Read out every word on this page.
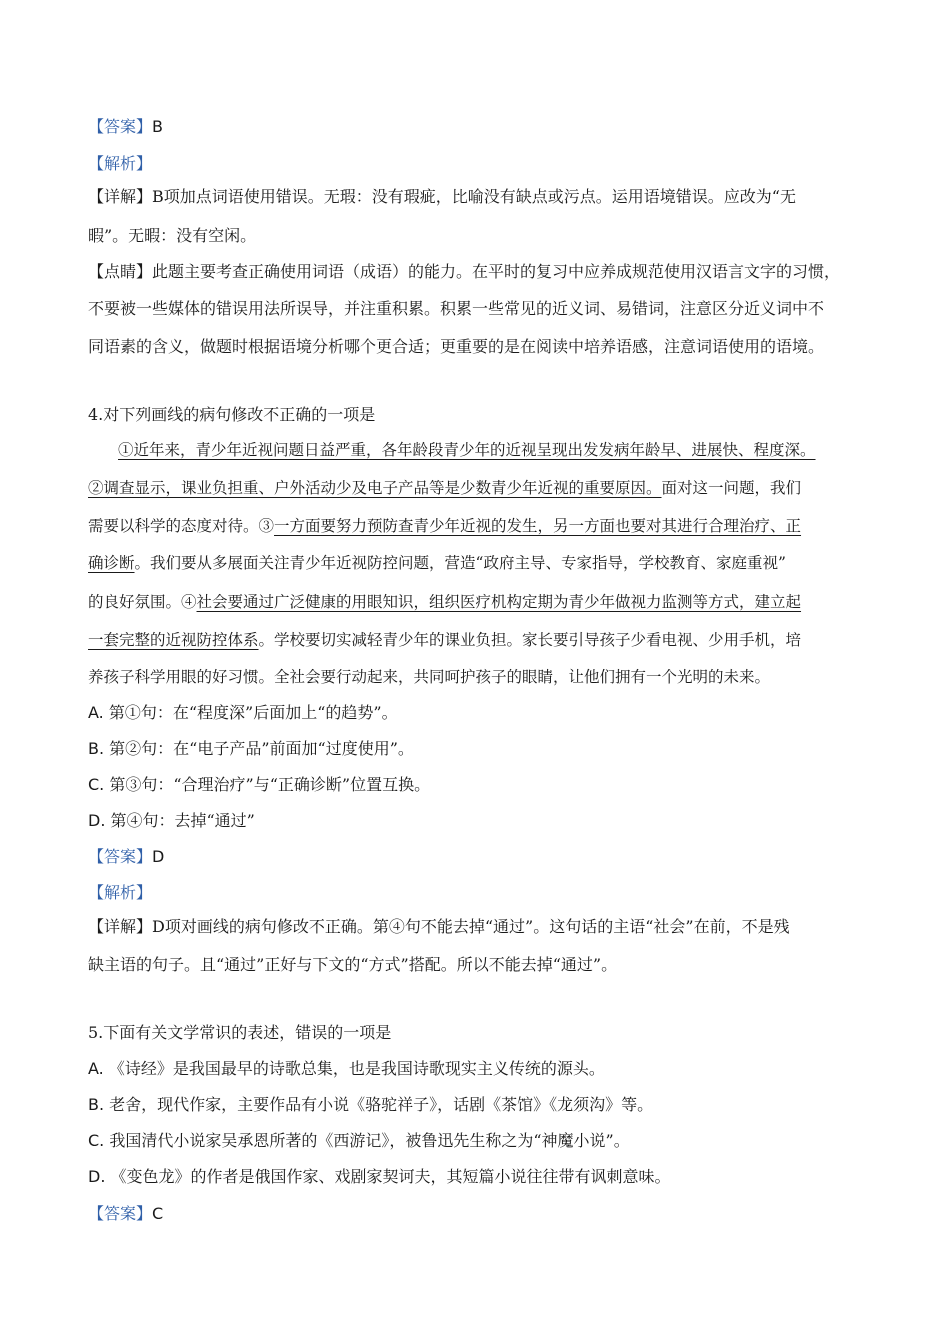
【答案】B
【解析】
【详解】B项加点词语使用错误。无瑕：没有瑕疵，比喻没有缺点或污点。运用语境错误。应改为“无
暇”。无暇：没有空闲。
【点睛】此题主要考查正确使用词语（成语）的能力。在平时的复习中应养成规范使用汉语言文字的习惯，
不要被一些媒体的错误用法所误导，并注重积累。积累一些常见的近义词、易错词，注意区分近义词中不
同语素的含义，做题时根据语境分析哪个更合适；更重要的是在阅读中培养语感，注意词语使用的语境。
4.对下列画线的病句修改不正确的一项是
①近年来，青少年近视问题日益严重，各年龄段青少年的近视呈现出发发病年龄早、进展快、程度深。
②调查显示，课业负担重、户外活动少及电子产品等是少数青少年近视的重要原因。面对这一问题，我们
需要以科学的态度对待。③一方面要努力预防查青少年近视的发生，另一方面也要对其进行合理治疗、正
确诊断。我们要从多展面关注青少年近视防控问题，营造“政府主导、专家指导，学校教育、家庭重视”
的良好氛围。④社会要通过广泛健康的用眼知识，组织医疗机构定期为青少年做视力监测等方式，建立起
一套完整的近视防控体系。学校要切实减轻青少年的课业负担。家长要引导孩子少看电视、少用手机，培
养孩子科学用眼的好习惯。全社会要行动起来，共同呵护孩子的眼睛，让他们拥有一个光明的未来。
A. 第①句：在“程度深”后面加上“的趋势”。
B. 第②句：在“电子产品”前面加“过度使用”。
C. 第③句：“合理治疗”与“正确诊断”位置互换。
D. 第④句：去掉“通过”
【答案】D
【解析】
【详解】D项对画线的病句修改不正确。第④句不能去掉“通过”。这句话的主语“社会”在前，不是残
缺主语的句子。且“通过”正好与下文的“方式”搭配。所以不能去掉“通过”。
5.下面有关文学常识的表述，错误的一项是
A. 《诗经》是我国最早的诗歌总集，也是我国诗歌现实主义传统的源头。
B. 老舍，现代作家，主要作品有小说《骆驼祥子》，话剧《茶馆》《龙须沟》等。
C. 我国清代小说家吴承恩所著的《西游记》，被鲁迅先生称之为“神魔小说”。
D. 《变色龙》的作者是俄国作家、戏剧家契诃夫，其短篇小说往往带有讽刺意味。
【答案】C
